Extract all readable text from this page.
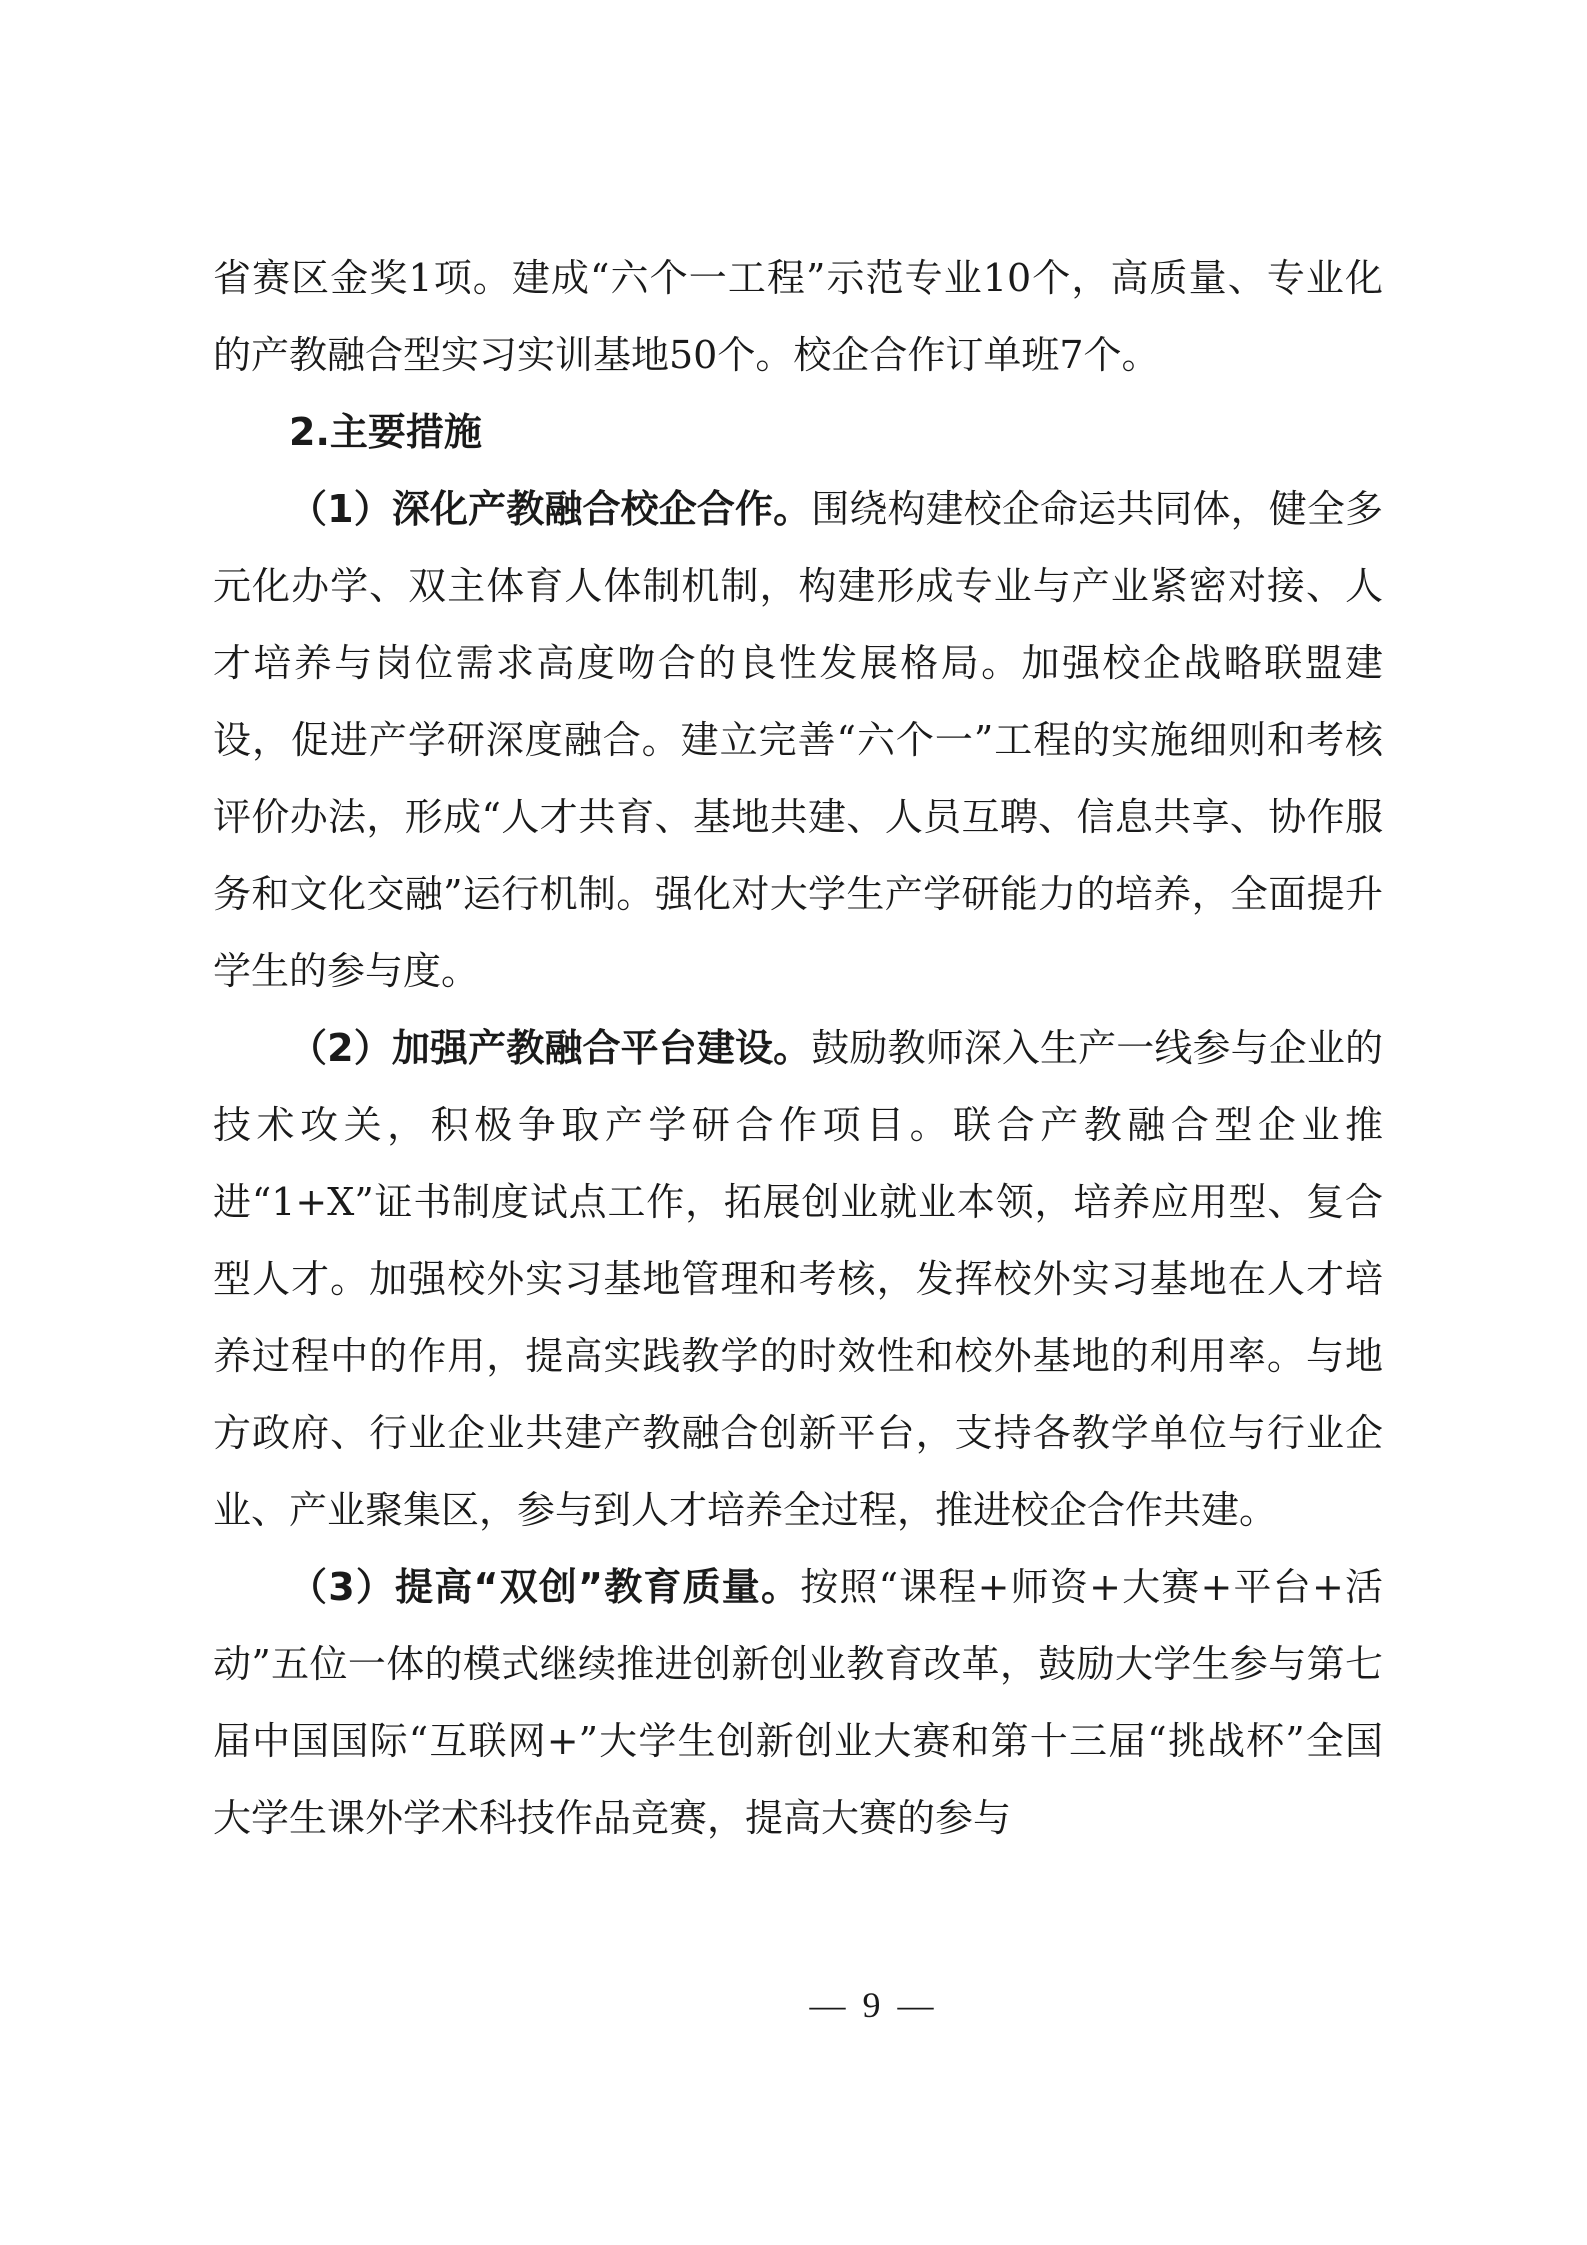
省赛区金奖1项。建成“六个一工程”示范专业10个，高质量、专业化的产教融合型实习实训基地50个。校企合作订单班7个。

2.主要措施

（1）深化产教融合校企合作。围绕构建校企命运共同体，健全多元化办学、双主体育人体制机制，构建形成专业与产业紧密对接、人才培养与岗位需求高度吻合的良性发展格局。加强校企战略联盟建设，促进产学研深度融合。建立完善“六个一”工程的实施细则和考核评价办法，形成“人才共育、基地共建、人员互聘、信息共享、协作服务和文化交融”运行机制。强化对大学生产学研能力的培养，全面提升学生的参与度。

（2）加强产教融合平台建设。鼓励教师深入生产一线参与企业的技术攻关，积极争取产学研合作项目。联合产教融合型企业推进“1+X”证书制度试点工作，拓展创业就业本领，培养应用型、复合型人才。加强校外实习基地管理和考核，发挥校外实习基地在人才培养过程中的作用，提高实践教学的时效性和校外基地的利用率。与地方政府、行业企业共建产教融合创新平台，支持各教学单位与行业企业、产业聚集区，参与到人才培养全过程，推进校企合作共建。

（3）提高“双创”教育质量。按照“课程+师资+大赛+平台+活动”五位一体的模式继续推进创新创业教育改革，鼓励大学生参与第七届中国国际“互联网+”大学生创新创业大赛和第十三届“挑战杯”全国大学生课外学术科技作品竞赛，提高大赛的参与

— 9 —
